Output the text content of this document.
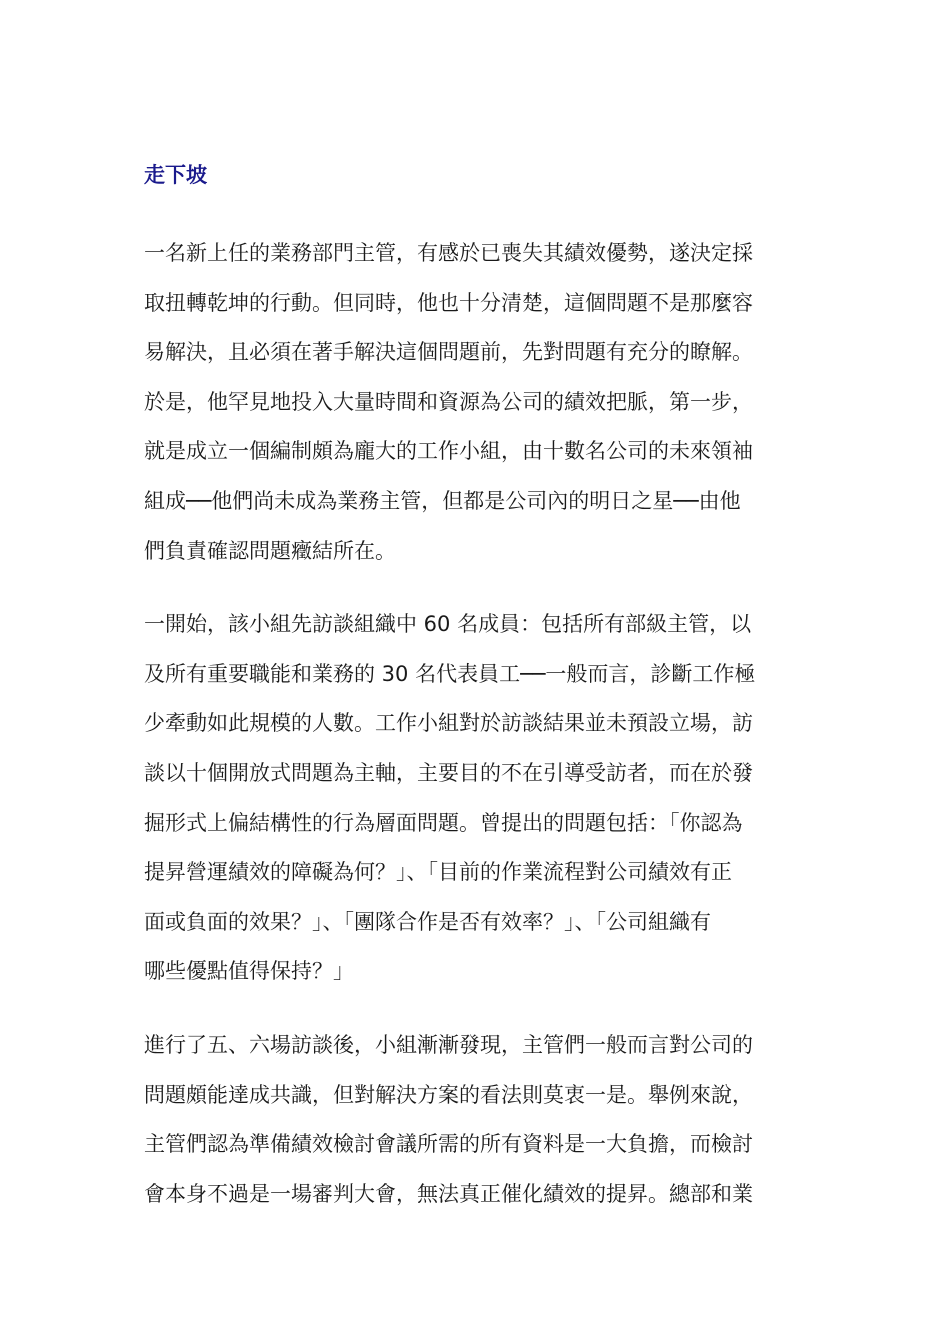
走下坡

一名新上任的業務部門主管，有感於已喪失其績效優勢，遂決定採
取扭轉乾坤的行動。但同時，他也十分清楚，這個問題不是那麼容
易解決，且必須在著手解決這個問題前，先對問題有充分的瞭解。
於是，他罕見地投入大量時間和資源為公司的績效把脈，第一步，
就是成立一個編制頗為龐大的工作小組，由十數名公司的未來領袖
組成──他們尚未成為業務主管，但都是公司內的明日之星──由他
們負責確認問題癥結所在。

一開始，該小組先訪談組織中 60 名成員：包括所有部級主管，以
及所有重要職能和業務的 30 名代表員工──一般而言，診斷工作極
少牽動如此規模的人數。工作小組對於訪談結果並未預設立場，訪
談以十個開放式問題為主軸，主要目的不在引導受訪者，而在於發
掘形式上偏結構性的行為層面問題。曾提出的問題包括：「你認為
提昇營運績效的障礙為何？」、「目前的作業流程對公司績效有正
面或負面的效果？」、「團隊合作是否有效率？」、「公司組織有
哪些優點值得保持？」

進行了五、六場訪談後，小組漸漸發現，主管們一般而言對公司的
問題頗能達成共識，但對解決方案的看法則莫衷一是。舉例來說，
主管們認為準備績效檢討會議所需的所有資料是一大負擔，而檢討
會本身不過是一場審判大會，無法真正催化績效的提昇。總部和業
